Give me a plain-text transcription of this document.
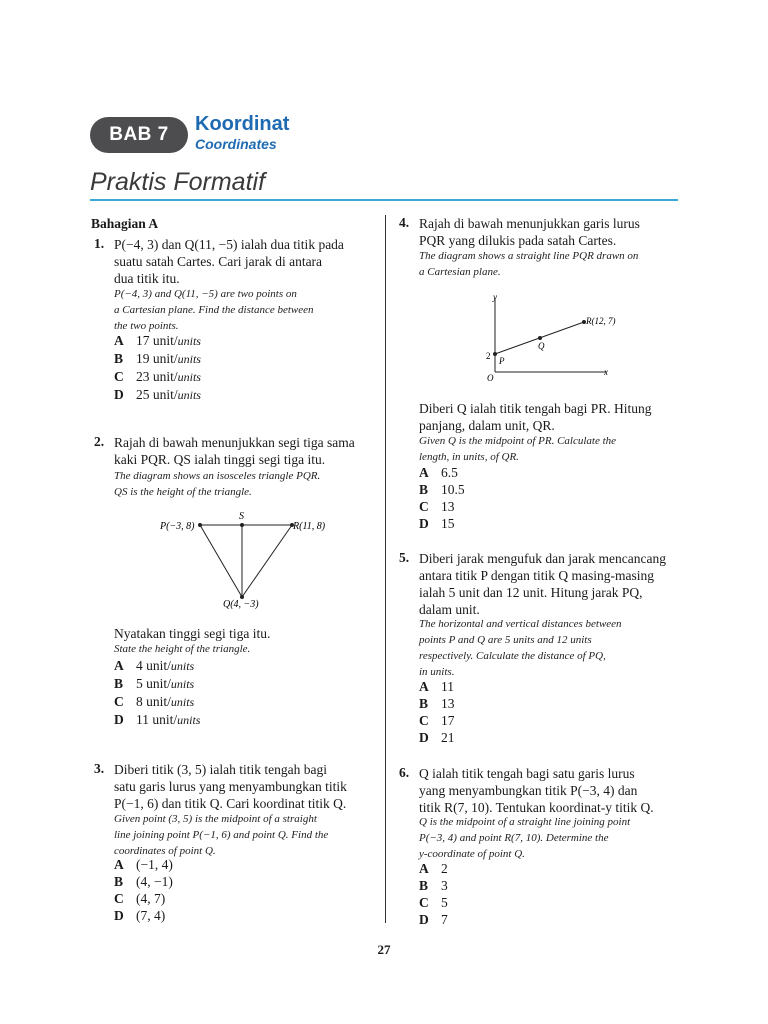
BAB 7	Koordinat
Coordinates
Praktis Formatif
Bahagian A
1. P(−4, 3) dan Q(11, −5) ialah dua titik pada
suatu satah Cartes. Cari jarak di antara
dua titik itu.
P(−4, 3) and Q(11, −5) are two points on
a Cartesian plane. Find the distance between
the two points.
A 17 unit/units
B 19 unit/units
C 23 unit/units
D 25 unit/units
2. Rajah di bawah menunjukkan segi tiga sama
kaki PQR. QS ialah tinggi segi tiga itu.
The diagram shows an isosceles triangle PQR.
QS is the height of the triangle.
P(−3, 8)	R(11, 8)
S
Q(4, −3)
Nyatakan tinggi segi tiga itu.
State the height of the triangle.
A 4 unit/units
B 5 unit/units
C 8 unit/units
D 11 unit/units
3. Diberi titik (3, 5) ialah titik tengah bagi
satu garis lurus yang menyambungkan titik
P(−1, 6) dan titik Q. Cari koordinat titik Q.
Given point (3, 5) is the midpoint of a straight
line joining point P(−1, 6) and point Q. Find the
coordinates of point Q.
A (−1, 4)
B (4, −1)
C (4, 7)
D (7, 4)
4. Rajah di bawah menunjukkan garis lurus
PQR yang dilukis pada satah Cartes.
The diagram shows a straight line PQR drawn on
a Cartesian plane.
y
x
O
2 P
Q
R(12, 7)
Diberi Q ialah titik tengah bagi PR. Hitung
panjang, dalam unit, QR.
Given Q is the midpoint of PR. Calculate the
length, in units, of QR.
A 6.5
B 10.5
C 13
D 15
5. Diberi jarak mengufuk dan jarak mencancang
antara titik P dengan titik Q masing-masing
ialah 5 unit dan 12 unit. Hitung jarak PQ,
dalam unit.
The horizontal and vertical distances between
points P and Q are 5 units and 12 units
respectively. Calculate the distance of PQ,
in units.
A 11
B 13
C 17
D 21
6. Q ialah titik tengah bagi satu garis lurus
yang menyambungkan titik P(−3, 4) dan
titik R(7, 10). Tentukan koordinat-y titik Q.
Q is the midpoint of a straight line joining point
P(−3, 4) and point R(7, 10). Determine the
y-coordinate of point Q.
A 2
B 3
C 5
D 7
27
